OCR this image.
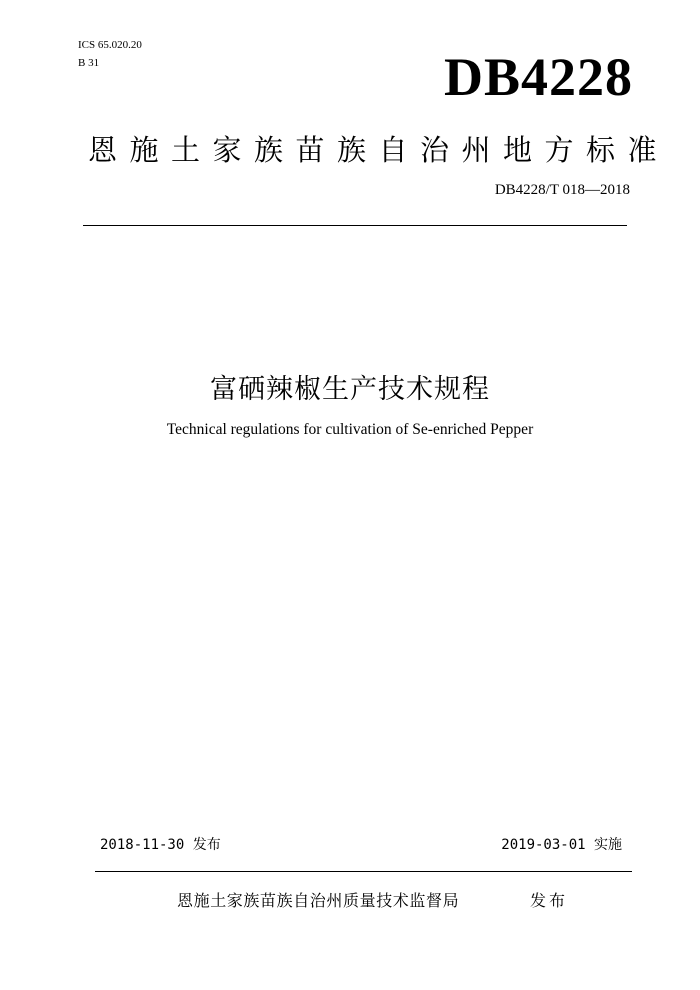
ICS 65.020.20
B 31	DB4228
恩施土家族苗族自治州地方标准
DB4228/T 018—2018
富硒辣椒生产技术规程
Technical regulations for cultivation of Se-enriched Pepper
2018-11-30 发布	2019-03-01 实施
恩施土家族苗族自治州质量技术监督局	发布
